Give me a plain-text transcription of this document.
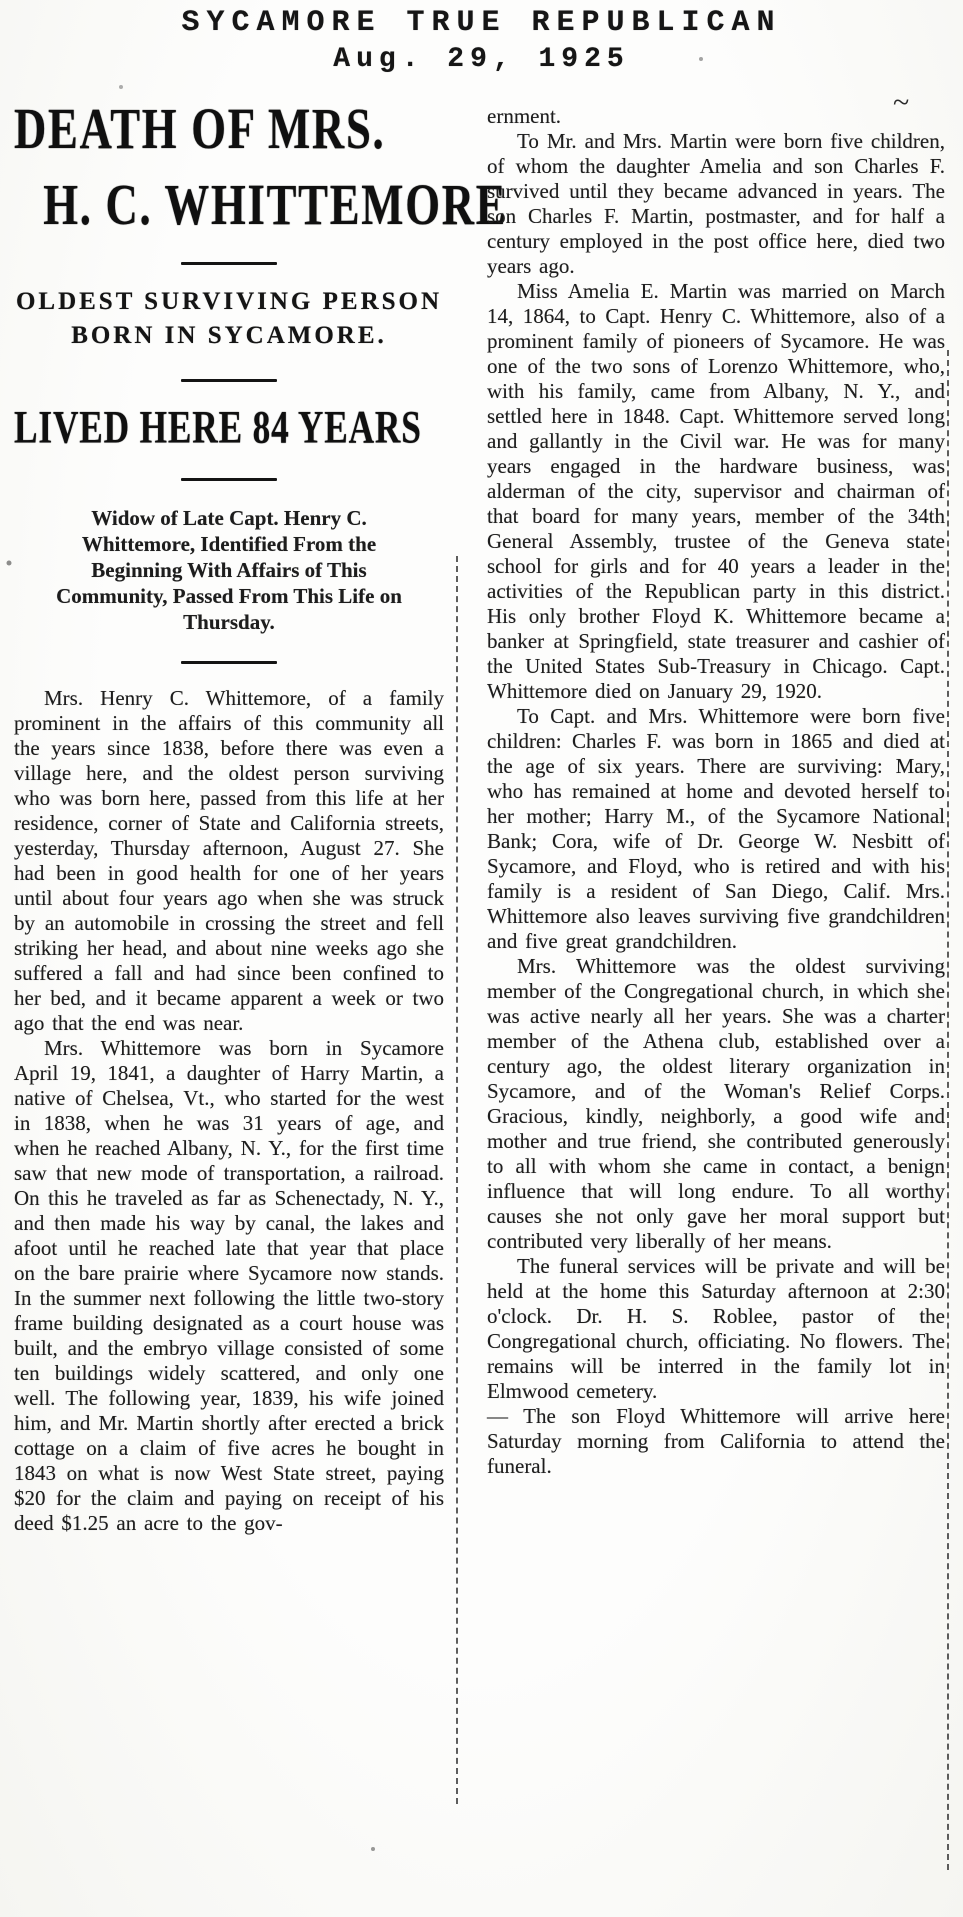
SYCAMORE TRUE REPUBLICAN
Aug. 29, 1925
~
DEATH OF MRS.
H. C. WHITTEMORE
OLDEST SURVIVING PERSON
BORN IN SYCAMORE.
LIVED HERE 84 YEARS

Widow of Late Capt. Henry C. Whittemore, Identified From the Beginning With Affairs of This Community, Passed From This Life on Thursday.

Mrs. Henry C. Whittemore, of a family prominent in the affairs of this community all the years since 1838, before there was even a village here, and the oldest person surviving who was born here, passed from this life at her residence, corner of State and California streets, yesterday, Thursday afternoon, August 27. She had been in good health for one of her years until about four years ago when she was struck by an automobile in crossing the street and fell striking her head, and about nine weeks ago she suffered a fall and had since been confined to her bed, and it became apparent a week or two ago that the end was near.

Mrs. Whittemore was born in Sycamore April 19, 1841, a daughter of Harry Martin, a native of Chelsea, Vt., who started for the west in 1838, when he was 31 years of age, and when he reached Albany, N. Y., for the first time saw that new mode of transportation, a railroad. On this he traveled as far as Schenectady, N. Y., and then made his way by canal, the lakes and afoot until he reached late that year that place on the bare prairie where Sycamore now stands. In the summer next following the little two-story frame building designated as a court house was built, and the embryo village consisted of some ten buildings widely scattered, and only one well. The following year, 1839, his wife joined him, and Mr. Martin shortly after erected a brick cottage on a claim of five acres he bought in 1843 on what is now West State street, paying $20 for the claim and paying on receipt of his deed $1.25 an acre to the gov-

ernment.

To Mr. and Mrs. Martin were born five children, of whom the daughter Amelia and son Charles F. survived until they became advanced in years. The son Charles F. Martin, postmaster, and for half a century employed in the post office here, died two years ago.

Miss Amelia E. Martin was married on March 14, 1864, to Capt. Henry C. Whittemore, also of a prominent family of pioneers of Sycamore. He was one of the two sons of Lorenzo Whittemore, who, with his family, came from Albany, N. Y., and settled here in 1848. Capt. Whittemore served long and gallantly in the Civil war. He was for many years engaged in the hardware business, was alderman of the city, supervisor and chairman of that board for many years, member of the 34th General Assembly, trustee of the Geneva state school for girls and for 40 years a leader in the activities of the Republican party in this district. His only brother Floyd K. Whittemore became a banker at Springfield, state treasurer and cashier of the United States Sub-Treasury in Chicago. Capt. Whittemore died on January 29, 1920.

To Capt. and Mrs. Whittemore were born five children: Charles F. was born in 1865 and died at the age of six years. There are surviving: Mary, who has remained at home and devoted herself to her mother; Harry M., of the Sycamore National Bank; Cora, wife of Dr. George W. Nesbitt of Sycamore, and Floyd, who is retired and with his family is a resident of San Diego, Calif. Mrs. Whittemore also leaves surviving five grandchildren and five great grandchildren.

Mrs. Whittemore was the oldest surviving member of the Congregational church, in which she was active nearly all her years. She was a charter member of the Athena club, established over a century ago, the oldest literary organization in Sycamore, and of the Woman's Relief Corps. Gracious, kindly, neighborly, a good wife and mother and true friend, she contributed generously to all with whom she came in contact, a benign influence that will long endure. To all worthy causes she not only gave her moral support but contributed very liberally of her means.

The funeral services will be private and will be held at the home this Saturday afternoon at 2:30 o'clock. Dr. H. S. Roblee, pastor of the Congregational church, officiating. No flowers. The remains will be interred in the family lot in Elmwood cemetery.

— The son Floyd Whittemore will arrive here Saturday morning from California to attend the funeral.
